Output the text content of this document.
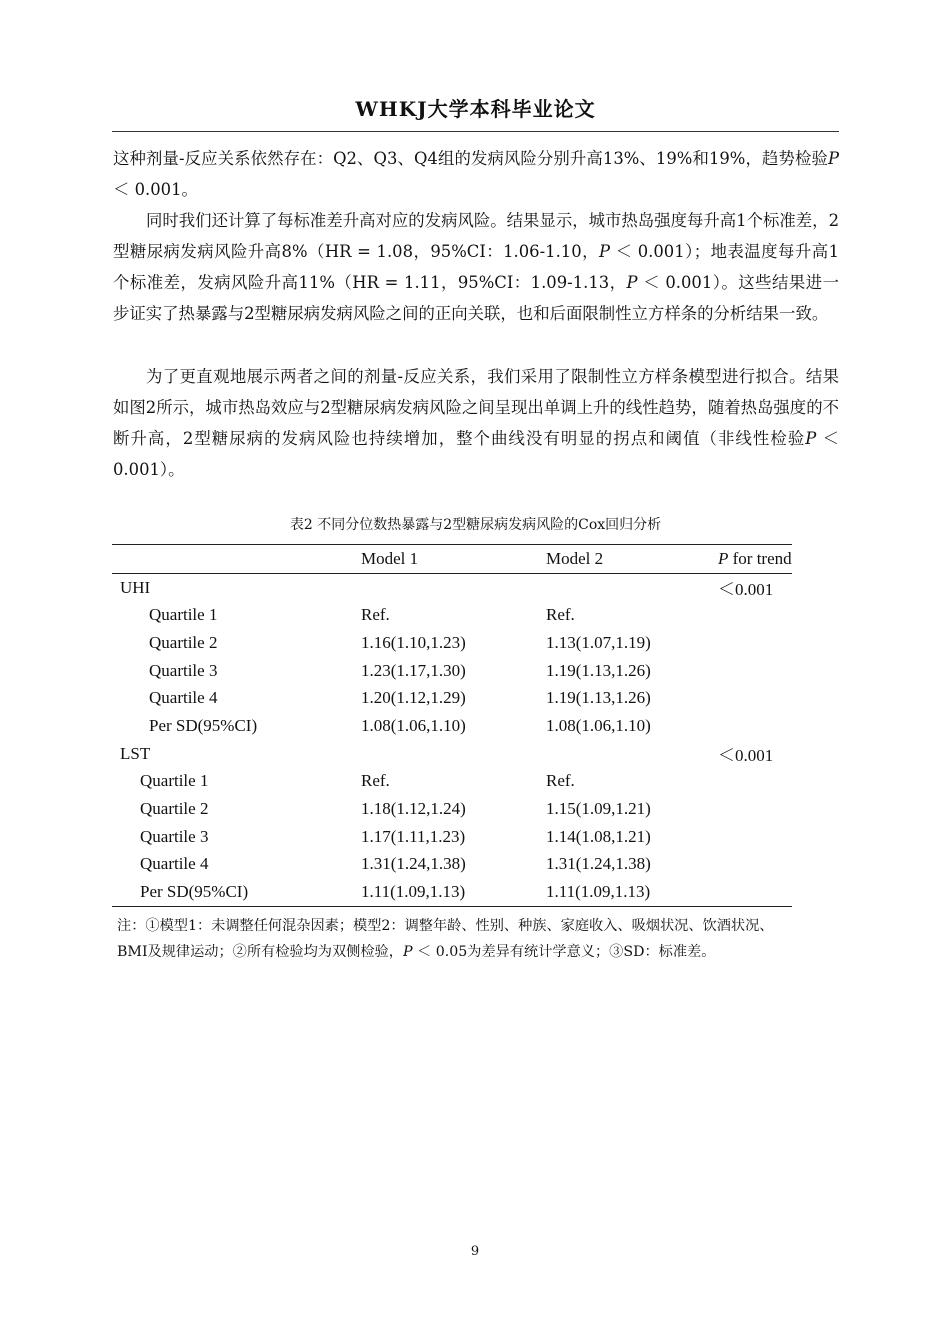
WHKJ大学本科毕业论文

这种剂量-反应关系依然存在：Q2、Q3、Q4组的发病风险分别升高13%、19%和19%，趋势检验P ＜ 0.001。

同时我们还计算了每标准差升高对应的发病风险。结果显示，城市热岛强度每升高1个标准差，2型糖尿病发病风险升高8%（HR = 1.08，95%CI：1.06-1.10，P ＜ 0.001）；地表温度每升高1个标准差，发病风险升高11%（HR = 1.11，95%CI：1.09-1.13，P ＜ 0.001）。这些结果进一步证实了热暴露与2型糖尿病发病风险之间的正向关联，也和后面限制性立方样条的分析结果一致。

为了更直观地展示两者之间的剂量-反应关系，我们采用了限制性立方样条模型进行拟合。结果如图2所示，城市热岛效应与2型糖尿病发病风险之间呈现出单调上升的线性趋势，随着热岛强度的不断升高，2型糖尿病的发病风险也持续增加，整个曲线没有明显的拐点和阈值（非线性检验P ＜ 0.001）。

表2 不同分位数热暴露与2型糖尿病发病风险的Cox回归分析
	Model 1	Model 2	P for trend
UHI			＜0.001
Quartile 1	Ref.	Ref.	
Quartile 2	1.16(1.10,1.23)	1.13(1.07,1.19)	
Quartile 3	1.23(1.17,1.30)	1.19(1.13,1.26)	
Quartile 4	1.20(1.12,1.29)	1.19(1.13,1.26)	
Per SD(95%CI)	1.08(1.06,1.10)	1.08(1.06,1.10)	
LST			＜0.001
Quartile 1	Ref.	Ref.	
Quartile 2	1.18(1.12,1.24)	1.15(1.09,1.21)	
Quartile 3	1.17(1.11,1.23)	1.14(1.08,1.21)	
Quartile 4	1.31(1.24,1.38)	1.31(1.24,1.38)	
Per SD(95%CI)	1.11(1.09,1.13)	1.11(1.09,1.13)	
注：①模型1：未调整任何混杂因素；模型2：调整年龄、性别、种族、家庭收入、吸烟状况、饮酒状况、BMI及规律运动；②所有检验均为双侧检验，P ＜ 0.05为差异有统计学意义；③SD：标准差。
9
